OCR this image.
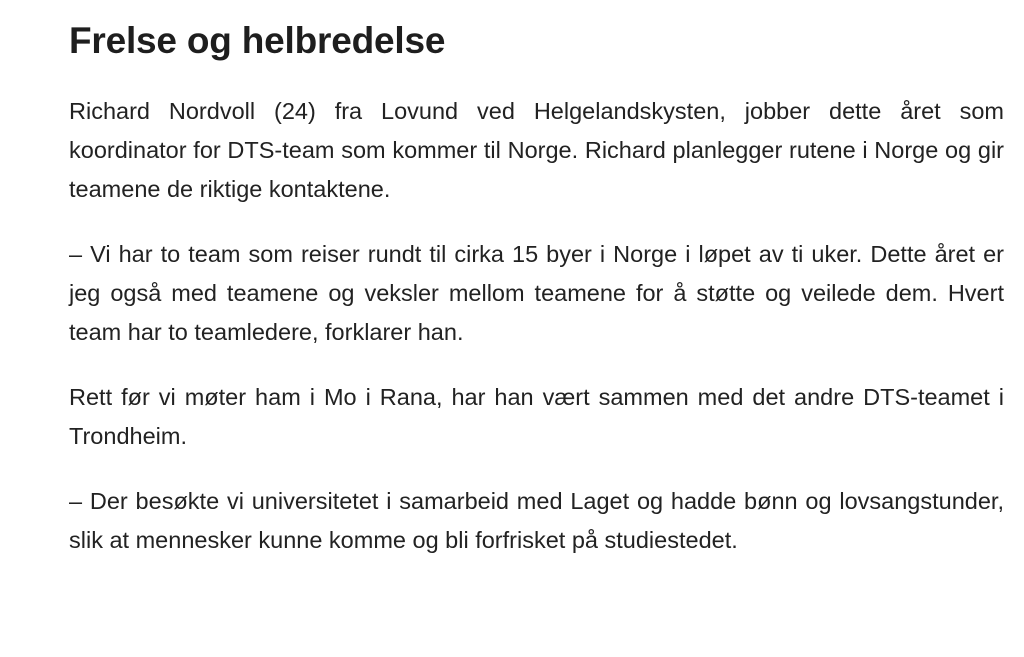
Frelse og helbredelse

Richard Nordvoll (24) fra Lovund ved Helgelandskysten, jobber dette året som koordinator for DTS-team som kommer til Norge. Richard planlegger rutene i Norge og gir teamene de riktige kontaktene.

– Vi har to team som reiser rundt til cirka 15 byer i Norge i løpet av ti uker. Dette året er jeg også med teamene og veksler mellom teamene for å støtte og veilede dem. Hvert team har to teamledere, forklarer han.

Rett før vi møter ham i Mo i Rana, har han vært sammen med det andre DTS-teamet i Trondheim.

– Der besøkte vi universitetet i samarbeid med Laget og hadde bønn og lovsangstunder, slik at mennesker kunne komme og bli forfrisket på studiestedet.
